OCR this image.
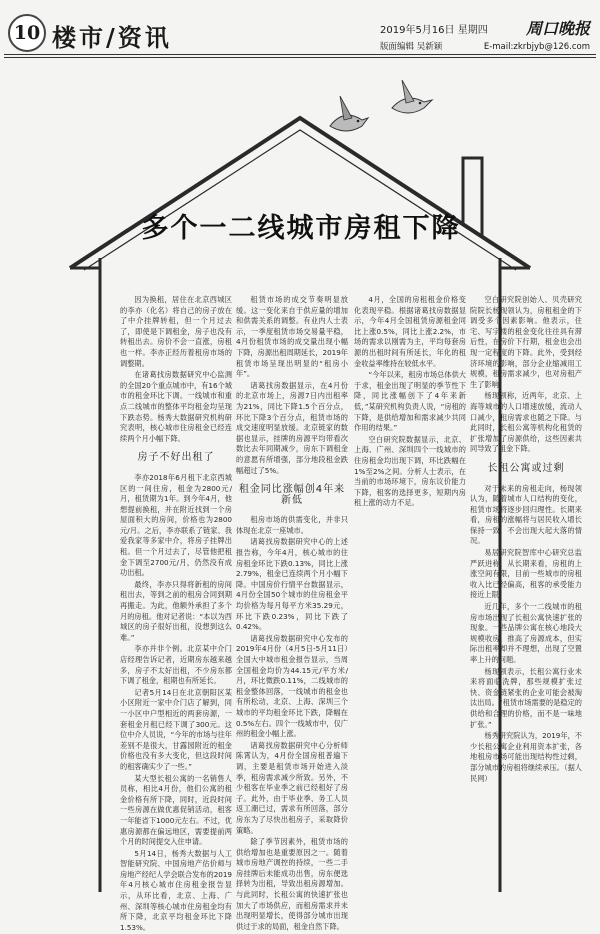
10 楼市/资讯	周口晚报
2019年5月16日 星期四
版面编辑 吴新颖	E-mail:zkrbjyb@126.com
多个一二线城市房租下降

因为换租，居住在北京西城区的李亦（化名）将自己的房子放在了中介挂牌转租，但一个月过去了，即使是下调租金，房子也没有转租出去。房价不会一直涨，房租也一样。李亦正经历着租房市场的调整期。

在诸葛找房数据研究中心监测的全国20个重点城市中，有16个城市的租金环比下调。一线城市和重点二线城市的整体平均租金均呈现下跌态势。杨秀大数据研究机构研究表明，核心城市住房租金已经连续两个月小幅下降。

房子不好出租了

李亦2018年6月租下北京西城区的一间住房，租金为2800元/月，租赁期为1年。到今年4月，他想提前换租，并在附近找到一个房屋面积大的房间，价格也为2800元/月。之后，李亦联系了链家、我爱我家等多家中介，将房子挂牌出租。但一个月过去了，尽管他把租金下调至2700元/月，仍然没有成功出租。

最终，李亦只得将新租的房间租出去，等到之前的租房合同到期再搬走。为此，他额外承担了多个月的房租。他对记者说：“本以为西城区的房子很好出租，没想到这么难。”

李亦并非个例。北京某中介门店经理告诉记者，近期房东越来越多，房子不太好出租，不少房东都下调了租金，租期也有所延长。

记者5月14日在北京朝阳区某小区附近一家中介门店了解到，同一小区中户型相近的两套房源，一套租金月租已经下调了300元。这位中介人员说，“今年的市场与往年差别不是很大，甘露园附近的租金价格也没有多大变化，但这段时间的租客确实少了一些。”

某大型长租公寓的一名销售人员称，相比4月份，他们公寓的租金价格有所下降，同时，近段时间一些房源在做优惠促销活动，租客一年能省下1000元左右。不过，优惠房源都在偏远地区，需要提前两个月的时间提交入住申请。

5月14日，杨秀大数据与人工智能研究院、中国房地产估价师与房地产经纪人学会联合发布的2019年4月核心城市住房租金报告显示，从环比看，北京、上海、广州、深圳等核心城市住房租金均有所下降，北京平均租金环比下降1.53%。

租赁市场的成交节奏明显放缓。这一变化来自于供应量的增加和供需关系的调整。有业内人士表示，一季度租赁市场交易量平稳，4月份租赁市场的成交量出现小幅下降，房源出租周期延长，2019年租赁市场呈现出明显的“租房小年”。

诸葛找房数据显示，在4月份的北京市场上，房源7日内出租率为21%，同比下降1.5个百分点，环比下降3个百分点，租赁市场的成交速度明显放缓。北京链家的数据也显示，挂牌的房源平均带看次数比去年同期减少，房东下调租金的意愿有所增强，部分地段租金跌幅超过了5%。

租金同比涨幅创4年来新低

租房市场的供需变化，并非只体现在北京一座城市。

诸葛找房数据研究中心的上述报告称，今年4月，核心城市的住房租金环比下跌0.13%，同比上涨2.79%，租金已连续两个月小幅下降。中国房价行情平台数据显示，4月份全国50个城市的住房租金平均价格为每月每平方米35.29元，环比下跌0.23%，同比下跌了0.42%。

诸葛找房数据研究中心发布的2019年4月份（4月5日-5月11日）全国大中城市租金报告显示，当周全国租金均价为44.15元/平方米/月，环比微跌0.11%，二线城市的租金整体回落，一线城市的租金也有所松动，北京、上海、深圳三个城市的平均租金环比下跌，降幅在0.5%左右。四个一线城市中，仅广州的租金小幅上涨。

诸葛找房数据研究中心分析师陈霄认为，4月份全国房租普遍下调，主要是租赁市场开始进入淡季，租房需求减少所致。另外，不少租客在毕业季之前已经租好了房子。此外，由于毕业季、务工人员返工潮已过，需求有所回落，部分房东为了尽快出租房子，采取降价策略。

除了季节因素外，租赁市场的供给增加也是重要原因之一。随着城市房地产调控的持续，一些二手房挂牌后未能成功出售，房东便选择转为出租，导致出租房源增加。与此同时，长租公寓的快速扩张也加大了市场供应，而租房需求并未出现明显增长，使得部分城市出现供过于求的局面，租金自然下降。

4月，全国的房租租金价格变化表现平稳。根据诸葛找房数据显示，今年4月全国租赁房源租金同比上涨0.5%，同比上涨2.2%，市场的需求以刚需为主，平均每套房源的出租时间有所延长，年化的租金收益率维持在较低水平。

“今年以来，租房市场总体供大于求，租金出现了明显的季节性下降，同比涨幅创下了4年来新低，”某研究机构负责人说，“房租的下降，是供给增加和需求减少共同作用的结果。”

空白研究院数据显示，北京、上海、广州、深圳四个一线城市的住房租金均出现下调，环比跌幅在1%至2%之间。分析人士表示，在当前的市场环境下，房东议价能力下降，租客的选择更多，短期内房租上涨的动力不足。

空白研究院创始人、贝壳研究院院长杨现领认为，房租租金的下调受多个因素影响。他表示，住宅、写字楼的租金变化往往具有滞后性，在房价下行期，租金也会出现一定程度的下降。此外，受到经济环境的影响，部分企业缩减用工规模，租房需求减少，也对房租产生了影响。

杨现领称，近两年，北京、上海等城市的人口增速放缓，流动人口减少，租房需求也随之下降。与此同时，长租公寓等机构化租赁的扩张增加了房源供给，这些因素共同导致了租金下降。

长租公寓或过剩

对于未来的房租走向，杨现领认为，随着城市人口结构的变化，租赁市场将逐步回归理性。长期来看，房租的涨幅将与居民收入增长保持一致，不会出现大起大落的情况。

易居研究院智库中心研究总监严跃进称，从长期来看，房租的上涨空间有限，目前一些城市的房租收入比已经偏高，租客的承受能力接近上限。

近几年，多个一二线城市的租房市场出现了长租公寓快速扩张的现象。一些品牌公寓在核心地段大规模收房，推高了房源成本，但实际出租率却并不理想，出现了空置率上升的问题。

杨现领表示，长租公寓行业未来将面临洗牌，那些规模扩张过快、资金链紧张的企业可能会被淘汰出局。“租赁市场需要的是稳定的供给和合理的价格，而不是一味地扩张。”

杨秀研究院认为，2019年，不少长租公寓企业利用资本扩张，各地租房市场可能出现结构性过剩，部分城市的房租将继续承压。（据人民网）
